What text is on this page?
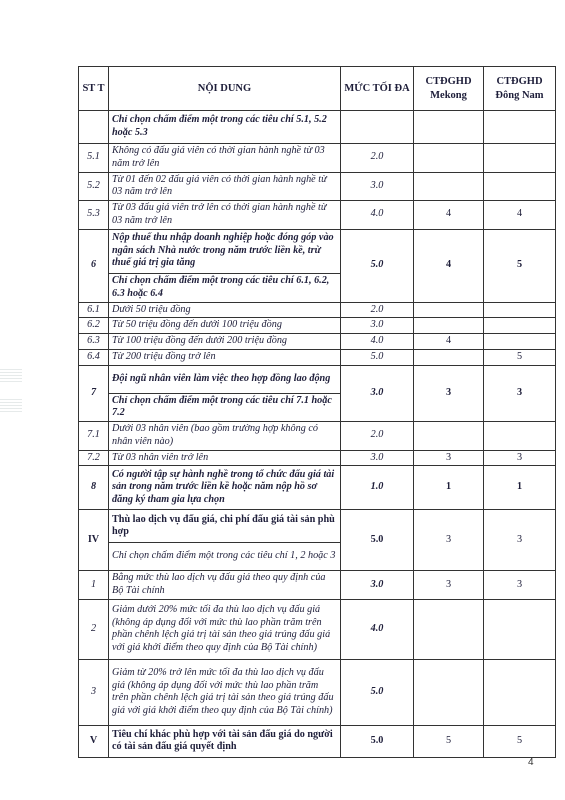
ST T	NỘI DUNG	MỨC TỐI ĐA	CTĐGHD Mekong	CTĐGHD Đông Nam
	Chỉ chọn chấm điểm một trong các tiêu chí 5.1, 5.2 hoặc 5.3			
5.1	Không có đấu giá viên có thời gian hành nghề từ 03 năm trở lên	2.0		
5.2	Từ 01 đến 02 đấu giá viên có thời gian hành nghề từ 03 năm trở lên	3.0		
5.3	Từ 03 đấu giá viên trở lên có thời gian hành nghề từ 03 năm trở lên	4.0	4	4
6	Nộp thuế thu nhập doanh nghiệp hoặc đóng góp vào ngân sách Nhà nước trong năm trước liền kề, trừ thuế giá trị gia tăng	5.0	4	5
	Chỉ chọn chấm điểm một trong các tiêu chí 6.1, 6.2, 6.3 hoặc 6.4			
6.1	Dưới 50 triệu đồng	2.0		
6.2	Từ 50 triệu đồng đến dưới 100 triệu đồng	3.0		
6.3	Từ 100 triệu đồng đến dưới 200 triệu đồng	4.0	4	
6.4	Từ 200 triệu đồng trở lên	5.0		5
7	Đội ngũ nhân viên làm việc theo hợp đồng lao động	3.0	3	3
	Chỉ chọn chấm điểm một trong các tiêu chí 7.1 hoặc 7.2			
7.1	Dưới 03 nhân viên (bao gồm trường hợp không có nhân viên nào)	2.0		
7.2	Từ 03 nhân viên trở lên	3.0	3	3
8	Có người tập sự hành nghề trong tổ chức đấu giá tài sản trong năm trước liền kề hoặc năm nộp hồ sơ đăng ký tham gia lựa chọn	1.0	1	1
IV	Thù lao dịch vụ đấu giá, chi phí đấu giá tài sản phù hợp	5.0	3	3
	Chỉ chọn chấm điểm một trong các tiêu chí 1, 2 hoặc 3			
1	Bằng mức thù lao dịch vụ đấu giá theo quy định của Bộ Tài chính	3.0	3	3
2	Giảm dưới 20% mức tối đa thù lao dịch vụ đấu giá (không áp dụng đối với mức thù lao phần trăm trên phần chênh lệch giá trị tài sản theo giá trúng đấu giá với giá khởi điểm theo quy định của Bộ Tài chính)	4.0		
3	Giảm từ 20% trở lên mức tối đa thù lao dịch vụ đấu giá (không áp dụng đối với mức thù lao phần trăm trên phần chênh lệch giá trị tài sản theo giá trúng đấu giá với giá khởi điểm theo quy định của Bộ Tài chính)	5.0		
V	Tiêu chí khác phù hợp với tài sản đấu giá do người có tài sản đấu giá quyết định	5.0	5	5
4
